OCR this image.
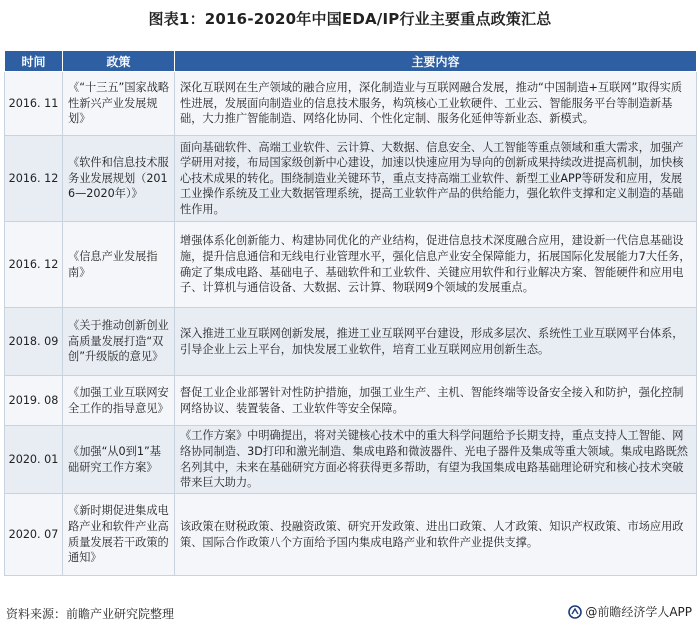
图表1：2016-2020年中国EDA/IP行业主要重点政策汇总
时间	政策	主要内容
2016. 11	《“十三五”国家战略性新兴产业发展规划》	深化互联网在生产领域的融合应用，深化制造业与互联网融合发展，推动“中国制造+互联网”取得实质性进展，发展面向制造业的信息技术服务，构筑核心工业软硬件、工业云、智能服务平台等制造新基础，大力推广智能制造、网络化协同、个性化定制、服务化延伸等新业态、新模式。
2016. 12	《软件和信息技术服务业发展规划（2016—2020年）》	面向基础软件、高端工业软件、云计算、大数据、信息安全、人工智能等重点领域和重大需求，加强产学研用对接，布局国家级创新中心建设，加速以快速应用为导向的创新成果持续改进提高机制，加快核心技术成果的转化。围绕制造业关键环节，重点支持高端工业软件、新型工业APP等研发和应用，发展工业操作系统及工业大数据管理系统，提高工业软件产品的供给能力，强化软件支撑和定义制造的基础性作用。
2016. 12	《信息产业发展指南》	增强体系化创新能力、构建协同优化的产业结构，促进信息技术深度融合应用，建设新一代信息基础设施，提升信息通信和无线电行业管理水平，强化信息产业安全保障能力，拓展国际化发展能力7大任务，确定了集成电路、基础电子、基础软件和工业软件、关键应用软件和行业解决方案、智能硬件和应用电子、计算机与通信设备、大数据、云计算、物联网9个领域的发展重点。
2018. 09	《关于推动创新创业高质量发展打造“双创”升级版的意见》	深入推进工业互联网创新发展，推进工业互联网平台建设，形成多层次、系统性工业互联网平台体系，引导企业上云上平台，加快发展工业软件，培育工业互联网应用创新生态。
2019. 08	《加强工业互联网安全工作的指导意见》	督促工业企业部署针对性防护措施，加强工业生产、主机、智能终端等设备安全接入和防护，强化控制网络协议、装置装备、工业软件等安全保障。
2020. 01	《加强“从0到1”基础研究工作方案》	《工作方案》中明确提出，将对关键核心技术中的重大科学问题给予长期支持，重点支持人工智能、网络协同制造、3D打印和激光制造、集成电路和微波器件、光电子器件及集成等重大领域。集成电路既然名列其中，未来在基础研究方面必将获得更多帮助，有望为我国集成电路基础理论研究和核心技术突破带来巨大助力。
2020. 07	《新时期促进集成电路产业和软件产业高质量发展若干政策的通知》	该政策在财税政策、投融资政策、研究开发政策、进出口政策、人才政策、知识产权政策、市场应用政策、国际合作政策八个方面给予国内集成电路产业和软件产业提供支撑。
资料来源：前瞻产业研究院整理	@前瞻经济学人APP
